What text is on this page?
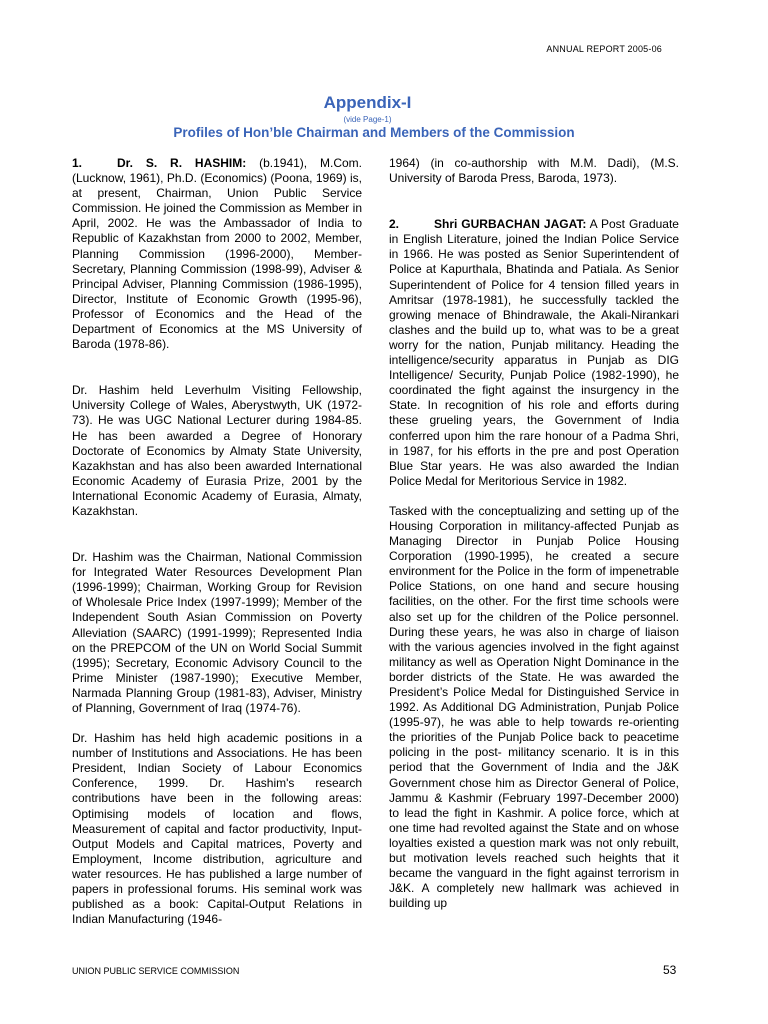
ANNUAL REPORT 2005-06
Appendix-I
(vide Page-1)
Profiles of Hon’ble Chairman and Members of the Commission

1.	Dr. S. R. HASHIM: (b.1941), M.Com. (Lucknow, 1961), Ph.D. (Economics) (Poona, 1969) is, at present, Chairman, Union Public Service Commission. He joined the Commission as Member in April, 2002. He was the Ambassador of India to Republic of Kazakhstan from 2000 to 2002, Member, Planning Commission (1996-2000), Member-Secretary, Planning Commission (1998-99), Adviser & Principal Adviser, Planning Commission (1986-1995), Director, Institute of Economic Growth (1995-96), Professor of Economics and the Head of the Department of Economics at the MS University of Baroda (1978-86).

Dr. Hashim held Leverhulm Visiting Fellowship, University College of Wales, Aberystwyth, UK (1972-73). He was UGC National Lecturer during 1984-85. He has been awarded a Degree of Honorary Doctorate of Economics by Almaty State University, Kazakhstan and has also been awarded International Economic Academy of Eurasia Prize, 2001 by the International Economic Academy of Eurasia, Almaty, Kazakhstan.

Dr. Hashim was the Chairman, National Commission for Integrated Water Resources Development Plan (1996-1999); Chairman, Working Group for Revision of Wholesale Price Index (1997-1999); Member of the Independent South Asian Commission on Poverty Alleviation (SAARC) (1991-1999); Represented India on the PREPCOM of the UN on World Social Summit (1995); Secretary, Economic Advisory Council to the Prime Minister (1987-1990); Executive Member, Narmada Planning Group (1981-83), Adviser, Ministry of Planning, Government of Iraq (1974-76).

Dr. Hashim has held high academic positions in a number of Institutions and Associations. He has been President, Indian Society of Labour Economics Conference, 1999. Dr. Hashim's research contributions have been in the following areas: Optimising models of location and flows, Measurement of capital and factor productivity, Input-Output Models and Capital matrices, Poverty and Employment, Income distribution, agriculture and water resources. He has published a large number of papers in professional forums. His seminal work was published as a book: Capital-Output Relations in Indian Manufacturing (1946-

1964) (in co-authorship with M.M. Dadi), (M.S. University of Baroda Press, Baroda, 1973).

2.	Shri GURBACHAN JAGAT: A Post Graduate in English Literature, joined the Indian Police Service in 1966. He was posted as Senior Superintendent of Police at Kapurthala, Bhatinda and Patiala. As Senior Superintendent of Police for 4 tension filled years in Amritsar (1978-1981), he successfully tackled the growing menace of Bhindrawale, the Akali-Nirankari clashes and the build up to, what was to be a great worry for the nation, Punjab militancy. Heading the intelligence/security apparatus in Punjab as DIG Intelligence/ Security, Punjab Police (1982-1990), he coordinated the fight against the insurgency in the State. In recognition of his role and efforts during these grueling years, the Government of India conferred upon him the rare honour of a Padma Shri, in 1987, for his efforts in the pre and post Operation Blue Star years. He was also awarded the Indian Police Medal for Meritorious Service in 1982.

Tasked with the conceptualizing and setting up of the Housing Corporation in militancy-affected Punjab as Managing Director in Punjab Police Housing Corporation (1990-1995), he created a secure environment for the Police in the form of impenetrable Police Stations, on one hand and secure housing facilities, on the other. For the first time schools were also set up for the children of the Police personnel. During these years, he was also in charge of liaison with the various agencies involved in the fight against militancy as well as Operation Night Dominance in the border districts of the State. He was awarded the President’s Police Medal for Distinguished Service in 1992. As Additional DG Administration, Punjab Police (1995-97), he was able to help towards re-orienting the priorities of the Punjab Police back to peacetime policing in the post- militancy scenario. It is in this period that the Government of India and the J&K Government chose him as Director General of Police, Jammu & Kashmir (February 1997-December 2000) to lead the fight in Kashmir. A police force, which at one time had revolted against the State and on whose loyalties existed a question mark was not only rebuilt, but motivation levels reached such heights that it became the vanguard in the fight against terrorism in J&K. A completely new hallmark was achieved in building up

UNION PUBLIC SERVICE COMMISSION	53
